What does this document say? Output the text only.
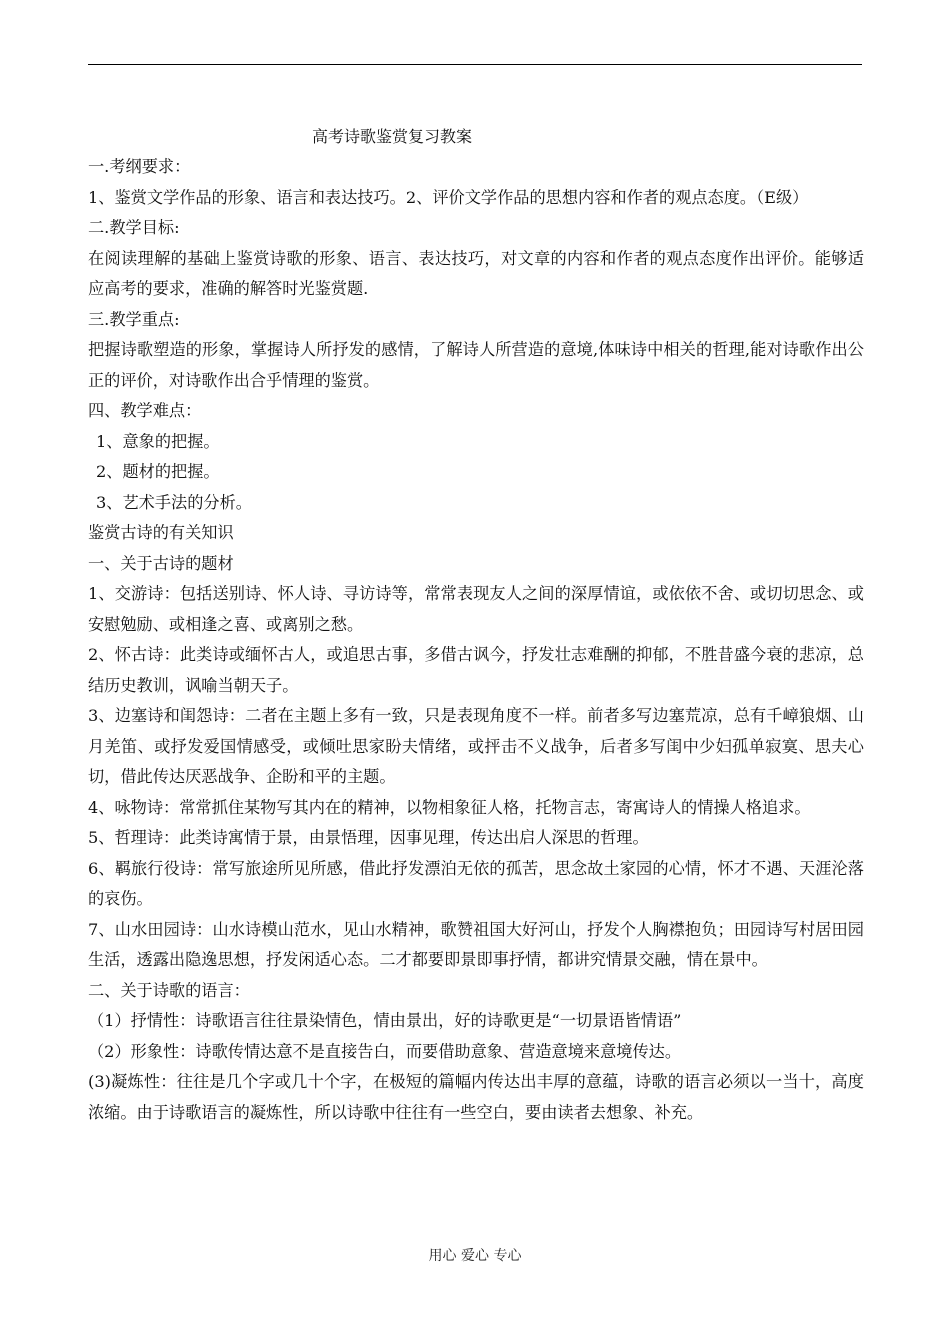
高考诗歌鉴赏复习教案

一.考纲要求：

1、鉴赏文学作品的形象、语言和表达技巧。2、评价文学作品的思想内容和作者的观点态度。（E级）

二.教学目标:

在阅读理解的基础上鉴赏诗歌的形象、语言、表达技巧，对文章的内容和作者的观点态度作出评价。能够适应高考的要求，准确的解答时光鉴赏题.

三.教学重点:

把握诗歌塑造的形象，掌握诗人所抒发的感情，了解诗人所营造的意境,体味诗中相关的哲理,能对诗歌作出公正的评价，对诗歌作出合乎情理的鉴赏。

四、教学难点：

1、意象的把握。

2、题材的把握。

3、艺术手法的分析。

鉴赏古诗的有关知识

一、关于古诗的题材

1、交游诗：包括送别诗、怀人诗、寻访诗等，常常表现友人之间的深厚情谊，或依依不舍、或切切思念、或安慰勉励、或相逢之喜、或离别之愁。

2、怀古诗：此类诗或缅怀古人，或追思古事，多借古讽今，抒发壮志难酬的抑郁，不胜昔盛今衰的悲凉，总结历史教训，讽喻当朝天子。

3、边塞诗和闺怨诗：二者在主题上多有一致，只是表现角度不一样。前者多写边塞荒凉，总有千嶂狼烟、山月羌笛、或抒发爱国情感受，或倾吐思家盼夫情绪，或抨击不义战争，后者多写闺中少妇孤单寂寞、思夫心切，借此传达厌恶战争、企盼和平的主题。

4、咏物诗：常常抓住某物写其内在的精神，以物相象征人格，托物言志，寄寓诗人的情操人格追求。

5、哲理诗：此类诗寓情于景，由景悟理，因事见理，传达出启人深思的哲理。

6、羁旅行役诗：常写旅途所见所感，借此抒发漂泊无依的孤苦，思念故土家园的心情，怀才不遇、天涯沦落的哀伤。

7、山水田园诗：山水诗模山范水，见山水精神，歌赞祖国大好河山，抒发个人胸襟抱负；田园诗写村居田园生活，透露出隐逸思想，抒发闲适心态。二才都要即景即事抒情，都讲究情景交融，情在景中。

二、关于诗歌的语言：

（1）抒情性：诗歌语言往往景染情色，情由景出，好的诗歌更是“一切景语皆情语”

（2）形象性：诗歌传情达意不是直接告白，而要借助意象、营造意境来意境传达。

(3)凝炼性：往往是几个字或几十个字，在极短的篇幅内传达出丰厚的意蕴，诗歌的语言必须以一当十，高度浓缩。由于诗歌语言的凝炼性，所以诗歌中往往有一些空白，要由读者去想象、补充。

用心 爱心 专心
